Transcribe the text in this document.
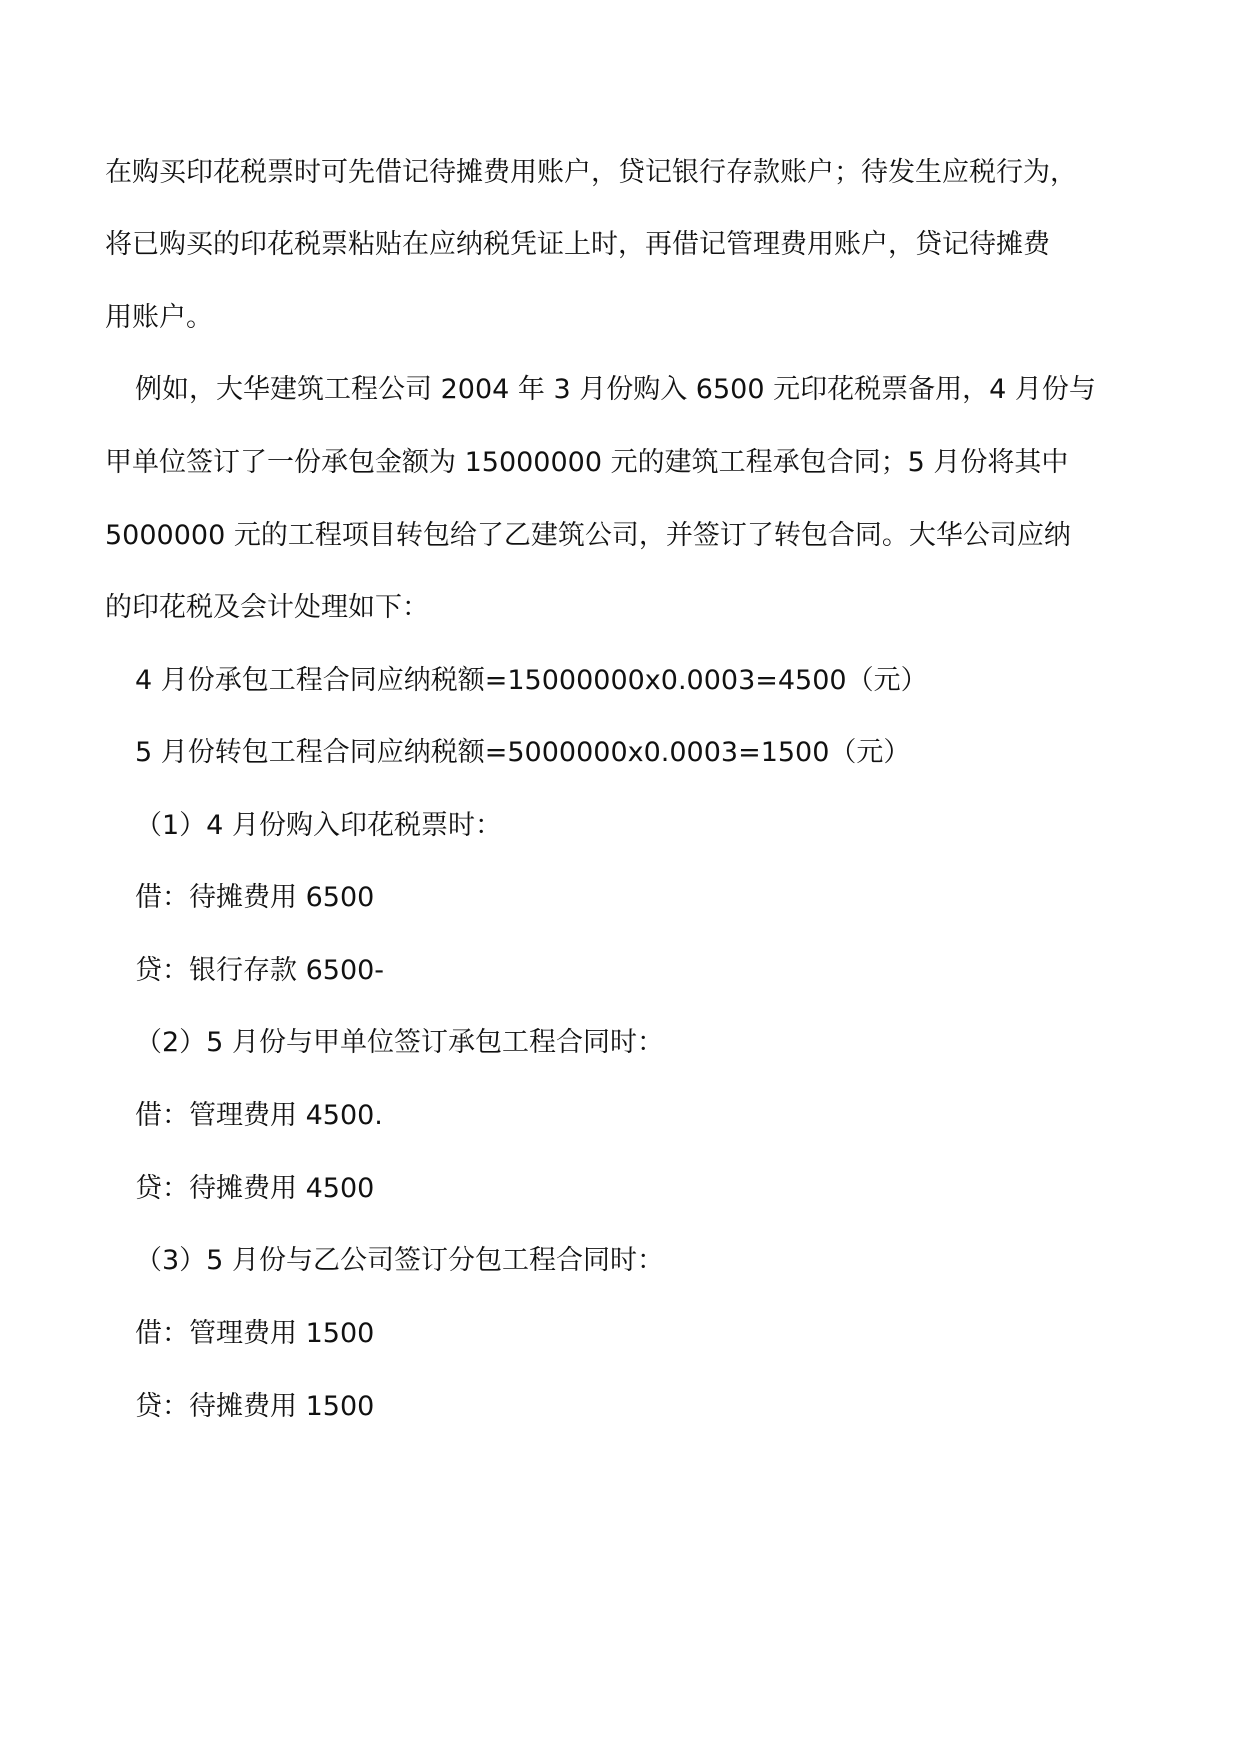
在购买印花税票时可先借记待摊费用账户，贷记银行存款账户；待发生应税行为，

将已购买的印花税票粘贴在应纳税凭证上时，再借记管理费用账户，贷记待摊费

用账户。

例如，大华建筑工程公司 2004 年 3 月份购入 6500 元印花税票备用，4 月份与

甲单位签订了一份承包金额为 15000000 元的建筑工程承包合同；5 月份将其中

5000000 元的工程项目转包给了乙建筑公司，并签订了转包合同。大华公司应纳

的印花税及会计处理如下：

4 月份承包工程合同应纳税额=15000000x0.0003=4500（元）

5 月份转包工程合同应纳税额=5000000x0.0003=1500（元）

（1）4 月份购入印花税票时：

借：待摊费用 6500

贷：银行存款 6500-

（2）5 月份与甲单位签订承包工程合同时：

借：管理费用 4500.

贷：待摊费用 4500

（3）5 月份与乙公司签订分包工程合同时：

借：管理费用 1500

贷：待摊费用 1500
